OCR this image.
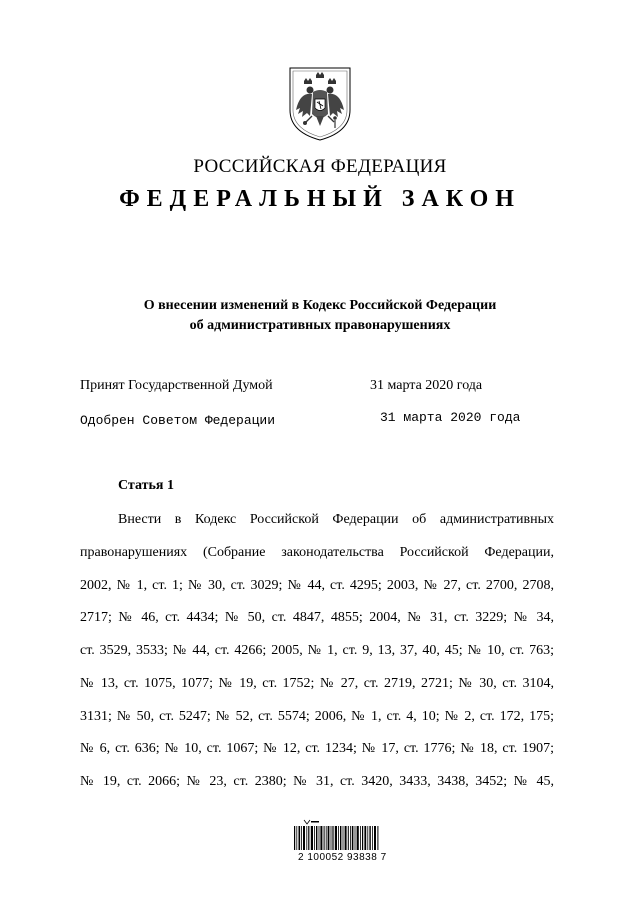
РОССИЙСКАЯ ФЕДЕРАЦИЯ
ФЕДЕРАЛЬНЫЙ ЗАКОН
О внесении изменений в Кодекс Российской Федерации
об административных правонарушениях
Принят Государственной Думой	31 марта 2020 года
Одобрен Советом Федерации	31 марта 2020 года
Статья 1
Внести в Кодекс Российской Федерации об административных
правонарушениях (Собрание законодательства Российской Федерации,
2002, № 1, ст. 1; № 30, ст. 3029; № 44, ст. 4295; 2003, № 27, ст. 2700, 2708,
2717; № 46, ст. 4434; № 50, ст. 4847, 4855; 2004, № 31, ст. 3229; № 34,
ст. 3529, 3533; № 44, ст. 4266; 2005, № 1, ст. 9, 13, 37, 40, 45; № 10, ст. 763;
№ 13, ст. 1075, 1077; № 19, ст. 1752; № 27, ст. 2719, 2721; № 30, ст. 3104,
3131; № 50, ст. 5247; № 52, ст. 5574; 2006, № 1, ст. 4, 10; № 2, ст. 172, 175;
№ 6, ст. 636; № 10, ст. 1067; № 12, ст. 1234; № 17, ст. 1776; № 18, ст. 1907;
№ 19, ст. 2066; № 23, ст. 2380; № 31, ст. 3420, 3433, 3438, 3452; № 45,
2 100052 93838 7
